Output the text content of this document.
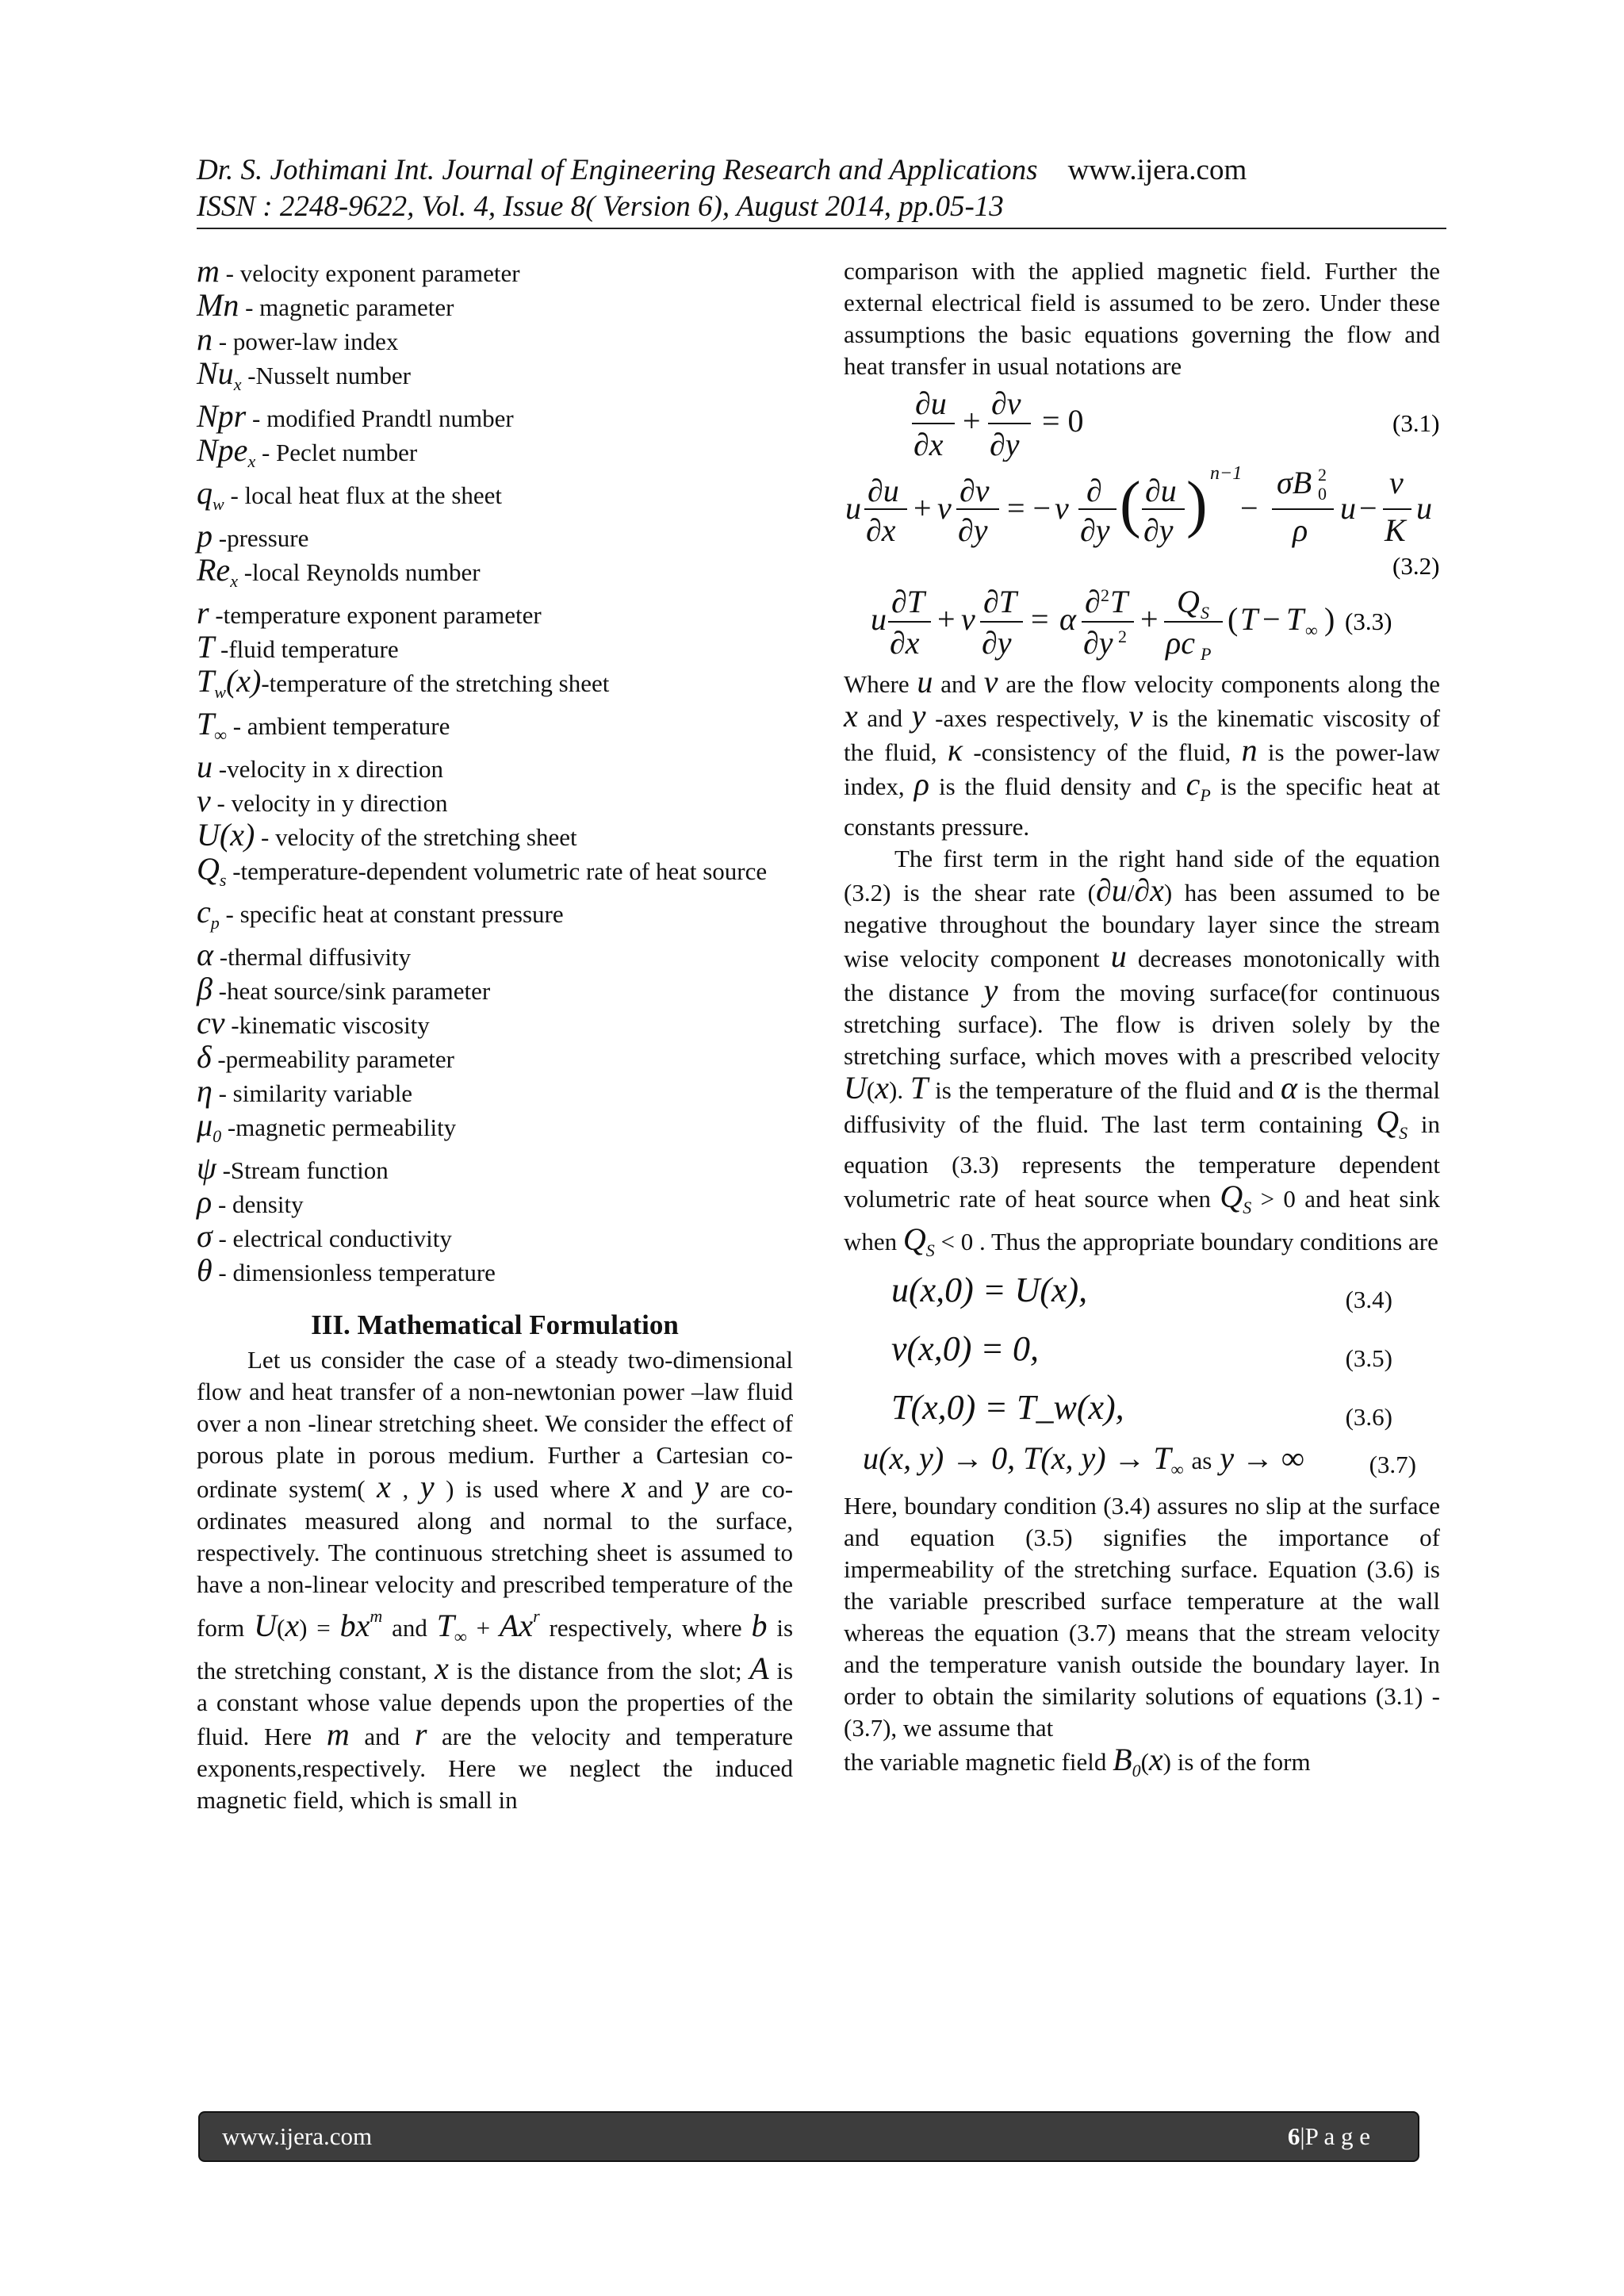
Dr. S. Jothimani Int. Journal of Engineering Research and Applications www.ijera.com
ISSN : 2248-9622, Vol. 4, Issue 8( Version 6), August 2014, pp.05-13
m - velocity exponent parameter
Mn - magnetic parameter
n - power-law index
$Nu_x$ -Nusselt number
Npr - modified Prandtl number
Npe$_x$ - Peclet number
$q_w$ - local heat flux at the sheet
p -pressure
$Re_x$ -local Reynolds number
r -temperature exponent parameter
T -fluid temperature
$T_w(x)$-temperature of the stretching sheet
$T_\infty$ - ambient temperature
u -velocity in x direction
v - velocity in y direction
U(x) - velocity of the stretching sheet
$Q_s$ -temperature-dependent volumetric rate of heat source
$c_p$ - specific heat at constant pressure
α -thermal diffusivity
β -heat source/sink parameter
cv -kinematic viscosity
δ -permeability parameter
η - similarity variable
$\mu_0$ -magnetic permeability
ψ -Stream function
ρ - density
σ - electrical conductivity
θ - dimensionless temperature
III. Mathematical Formulation

Let us consider the case of a steady two-dimensional flow and heat transfer of a non-newtonian power –law fluid over a non -linear stretching sheet. We consider the effect of porous plate in porous medium. Further a Cartesian co-ordinate system( x , y ) is used where x and y are co-ordinates measured along and normal to the surface, respectively. The continuous stretching sheet is assumed to have a non-linear velocity and prescribed temperature of the form $U(x) = bx^m$ and $T_\infty + Ax^r$ respectively, where b is the stretching constant, x is the distance from the slot; A is a constant whose value depends upon the properties of the fluid. Here m and r are the velocity and temperature exponents,respectively. Here we neglect the induced magnetic field, which is small in

comparison with the applied magnetic field. Further the external electrical field is assumed to be zero. Under these assumptions the basic equations governing the flow and heat transfer in usual notations are

∂u
∂x
+ ∂v
∂y
= 0	(3.1)
u ∂u
∂x
+ v ∂v
∂y
= − v ∂
∂y ( ∂u
∂y ) n−1
−
σB 0
2
ρ
u −
ν
K
u
(3.2)
u ∂T
∂x
+ v ∂T
∂y
= α ∂ 2 T
∂y 2 + Q S
ρc P
( T − T ∞ ) (3.3)

Where u and v are the flow velocity components along the x and y -axes respectively, ν is the kinematic viscosity of the fluid, κ -consistency of the fluid, n is the power-law index, ρ is the fluid density and $c_P$ is the specific heat at constants pressure.

The first term in the right hand side of the equation (3.2) is the shear rate (∂u/∂x) has been assumed to be negative throughout the boundary layer since the stream wise velocity component u decreases monotonically with the distance y from the moving surface(for continuous stretching surface). The flow is driven solely by the stretching surface, which moves with a prescribed velocity U(x). T is the temperature of the fluid and α is the thermal diffusivity of the fluid. The last term containing $Q_S$ in equation (3.3) represents the temperature dependent volumetric rate of heat source when $Q_S > 0$ and heat sink when $Q_S < 0$ . Thus the appropriate boundary conditions are

u(x,0) = U(x),	(3.4)
v(x,0) = 0,	(3.5)
T(x,0) = T_w(x),	(3.6)
u(x, y) → 0, T(x, $y) \to T_\infty$ as y → ∞	(3.7)

Here, boundary condition (3.4) assures no slip at the surface and equation (3.5) signifies the importance of impermeability of the stretching surface. Equation (3.6) is the variable prescribed surface temperature at the wall whereas the equation (3.7) means that the stream velocity and the temperature vanish outside the boundary layer. In order to obtain the similarity solutions of equations (3.1) - (3.7), we assume that

the variable magnetic field $B_0(x)$ is of the form

www.ijera.com	6|P a g e
